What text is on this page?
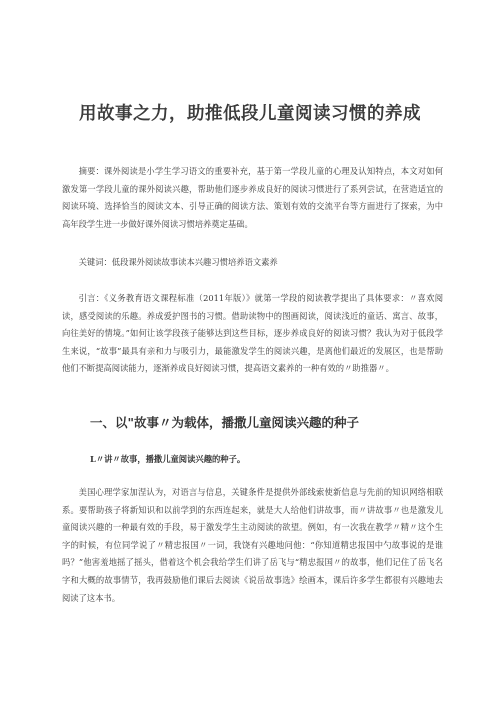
用故事之力，助推低段儿童阅读习惯的养成

摘要：课外阅读是小学生学习语文的重要补充，基于第一学段儿童的心理及认知特点，本文对如何激发第一学段儿童的课外阅读兴趣，帮助他们逐步养成良好的阅读习惯进行了系列尝试，在营造适宜的阅读环境、选择恰当的阅读文本、引导正确的阅读方法、策划有效的交流平台等方面进行了探索，为中高年段学生进一步做好课外阅读习惯培养奠定基础。

关键词：低段课外阅读故事读本兴趣习惯培养语文素养

引言：《义务教育语文课程标准（2011年版）》就第一学段的阅读教学提出了具体要求：〃喜欢阅读，感受阅读的乐趣。养成爱护图书的习惯。借助读物中的图画阅读，阅读浅近的童话、寓言、故事，向往美好的情境。”如何让该学段孩子能够达到这些目标，逐步养成良好的阅读习惯？我认为对于低段学生来说，“故事”最具有亲和力与吸引力，最能激发学生的阅读兴趣，是离他们最近的发展区，也是帮助他们不断提高阅读能力，逐渐养成良好阅读习惯，提高语文素养的一种有效的〃助推器〃。

一、以"故事〃为载体，播撒儿童阅读兴趣的种子
L〃讲〃故事，播撒儿童阅读兴趣的种子。

美国心理学家加涅认为，对语言与信息，关键条件是提供外部线索使新信息与先前的知识网络相联系。要帮助孩子将新知识和以前学到的东西连起来，就是大人给他们讲故事，而〃讲故事〃也是激发儿童阅读兴趣的一种最有效的手段，易于激发学生主动阅读的欲望。例如，有一次我在教学〃精〃这个生字的时候，有位同学说了〃精忠报国〃一词，我饶有兴趣地问他：“你知道精忠报国中勺故事说的是谁吗？”他害羞地摇了摇头，借着这个机会我给学生们讲了岳飞与“精忠报国〃的故事，他们记住了岳飞名字和大概的故事情节，我再鼓励他们课后去阅读《说岳故事选》绘画本，课后许多学生都很有兴趣地去阅读了这本书。
